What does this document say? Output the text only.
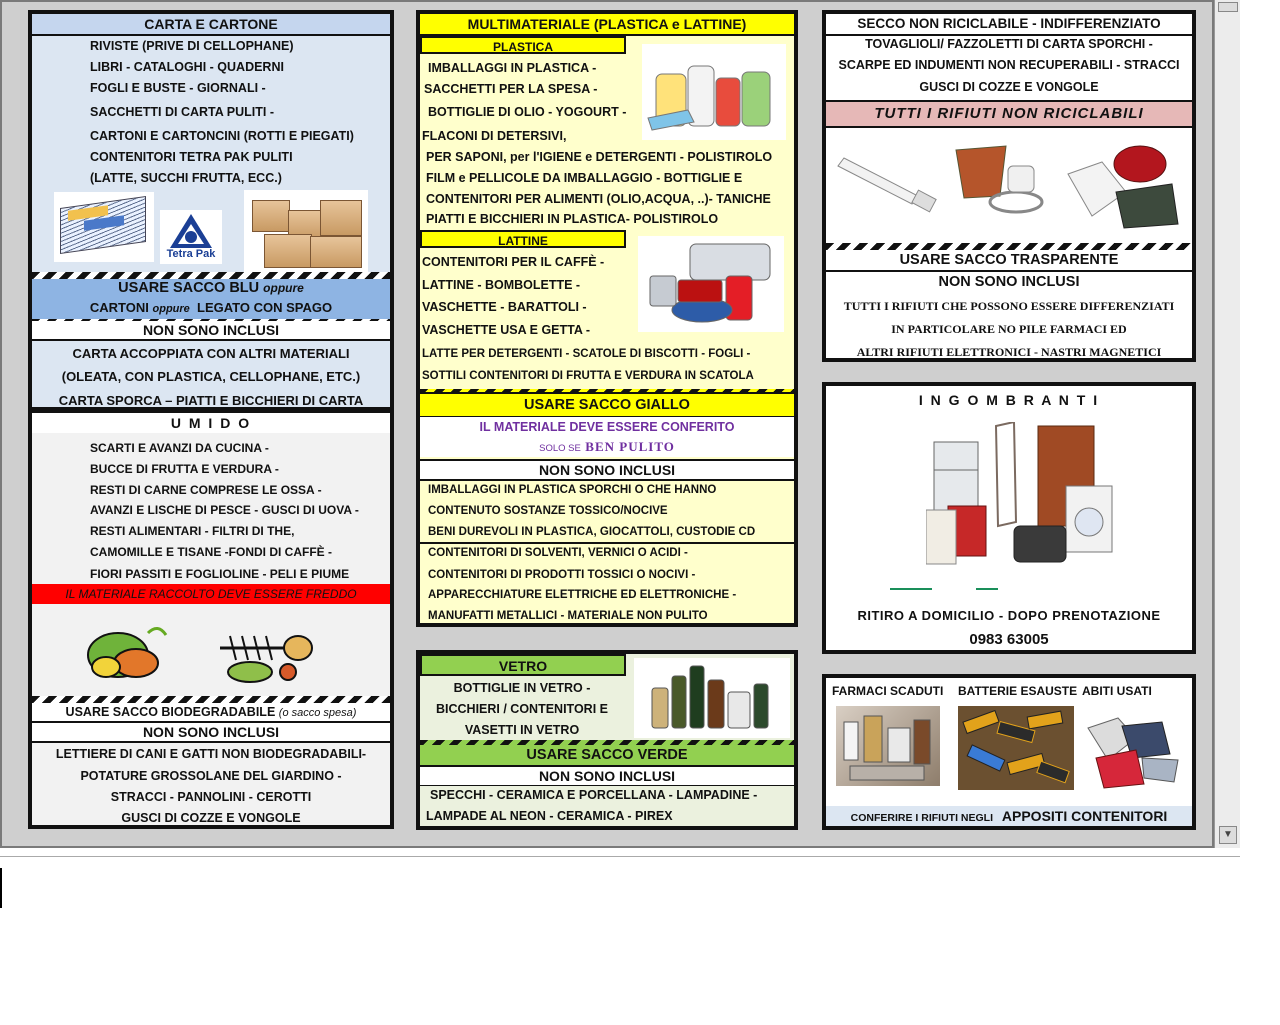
CARTA E CARTONE
RIVISTE (PRIVE DI CELLOPHANE)
LIBRI - CATALOGHI - QUADERNI
FOGLI E BUSTE - GIORNALI -
SACCHETTI DI CARTA PULITI -
CARTONI E CARTONCINI (ROTTI E PIEGATI)
CONTENITORI TETRA PAK PULITI
(LATTE, SUCCHI FRUTTA, ECC.)
Tetra Pak
USARE SACCO BLU oppure
CARTONI oppure LEGATO CON SPAGO
NON SONO INCLUSI
CARTA ACCOPPIATA CON ALTRI MATERIALI
(OLEATA, CON PLASTICA, CELLOPHANE, ETC.)
CARTA SPORCA – PIATTI E BICCHIERI DI CARTA
U M I D O
SCARTI E AVANZI DA CUCINA -
BUCCE DI FRUTTA E VERDURA -
RESTI DI CARNE COMPRESE LE OSSA -
AVANZI E LISCHE DI PESCE - GUSCI DI UOVA -
RESTI ALIMENTARI - FILTRI DI THE,
CAMOMILLE E TISANE -FONDI DI CAFFÈ -
FIORI PASSITI E FOGLIOLINE - PELI E PIUME
IL MATERIALE RACCOLTO DEVE ESSERE FREDDO
USARE SACCO BIODEGRADABILE (o sacco spesa)
NON SONO INCLUSI
LETTIERE DI CANI E GATTI NON BIODEGRADABILI-
POTATURE GROSSOLANE DEL GIARDINO -
STRACCI - PANNOLINI - CEROTTI
GUSCI DI COZZE E VONGOLE
MULTIMATERIALE (PLASTICA e LATTINE)
PLASTICA
IMBALLAGGI IN PLASTICA -
SACCHETTI PER LA SPESA -
BOTTIGLIE DI OLIO - YOGOURT -
FLACONI DI DETERSIVI,
PER SAPONI, per l'IGIENE e DETERGENTI - POLISTIROLO
FILM e PELLICOLE DA IMBALLAGGIO - BOTTIGLIE E
CONTENITORI PER ALIMENTI (OLIO,ACQUA, ..)- TANICHE
PIATTI E BICCHIERI IN PLASTICA- POLISTIROLO
LATTINE
CONTENITORI PER IL CAFFÈ -
LATTINE - BOMBOLETTE -
VASCHETTE - BARATTOLI -
VASCHETTE USA E GETTA -
LATTE PER DETERGENTI - SCATOLE DI BISCOTTI - FOGLI -
SOTTILI CONTENITORI DI FRUTTA E VERDURA IN SCATOLA
USARE SACCO GIALLO
IL MATERIALE DEVE ESSERE CONFERITO
SOLO SE BEN PULITO
NON SONO INCLUSI
IMBALLAGGI IN PLASTICA SPORCHI O CHE HANNO
CONTENUTO SOSTANZE TOSSICO/NOCIVE
BENI DUREVOLI IN PLASTICA, GIOCATTOLI, CUSTODIE CD
CONTENITORI DI SOLVENTI, VERNICI O ACIDI -
CONTENITORI DI PRODOTTI TOSSICI O NOCIVI -
APPARECCHIATURE ELETTRICHE ED ELETTRONICHE -
MANUFATTI METALLICI - MATERIALE NON PULITO
VETRO
BOTTIGLIE IN VETRO -
BICCHIERI / CONTENITORI E
VASETTI IN VETRO
USARE SACCO VERDE
NON SONO INCLUSI
SPECCHI - CERAMICA E PORCELLANA - LAMPADINE -
LAMPADE AL NEON - CERAMICA - PIREX
SECCO NON RICICLABILE - INDIFFERENZIATO
TOVAGLIOLI/ FAZZOLETTI DI CARTA SPORCHI -
SCARPE ED INDUMENTI NON RECUPERABILI - STRACCI
GUSCI DI COZZE E VONGOLE
TUTTI I RIFIUTI NON RICICLABILI
USARE SACCO TRASPARENTE
NON SONO INCLUSI
TUTTI I RIFIUTI CHE POSSONO ESSERE DIFFERENZIATI
IN PARTICOLARE NO PILE FARMACI ED
ALTRI RIFIUTI ELETTRONICI - NASTRI MAGNETICI
I N G O M B R A N T I
RITIRO A DOMICILIO - DOPO PRENOTAZIONE
0983 63005
FARMACI SCADUTI BATTERIE ESAUSTE ABITI USATI
CONFERIRE I RIFIUTI NEGLI APPOSITI CONTENITORI
▼
